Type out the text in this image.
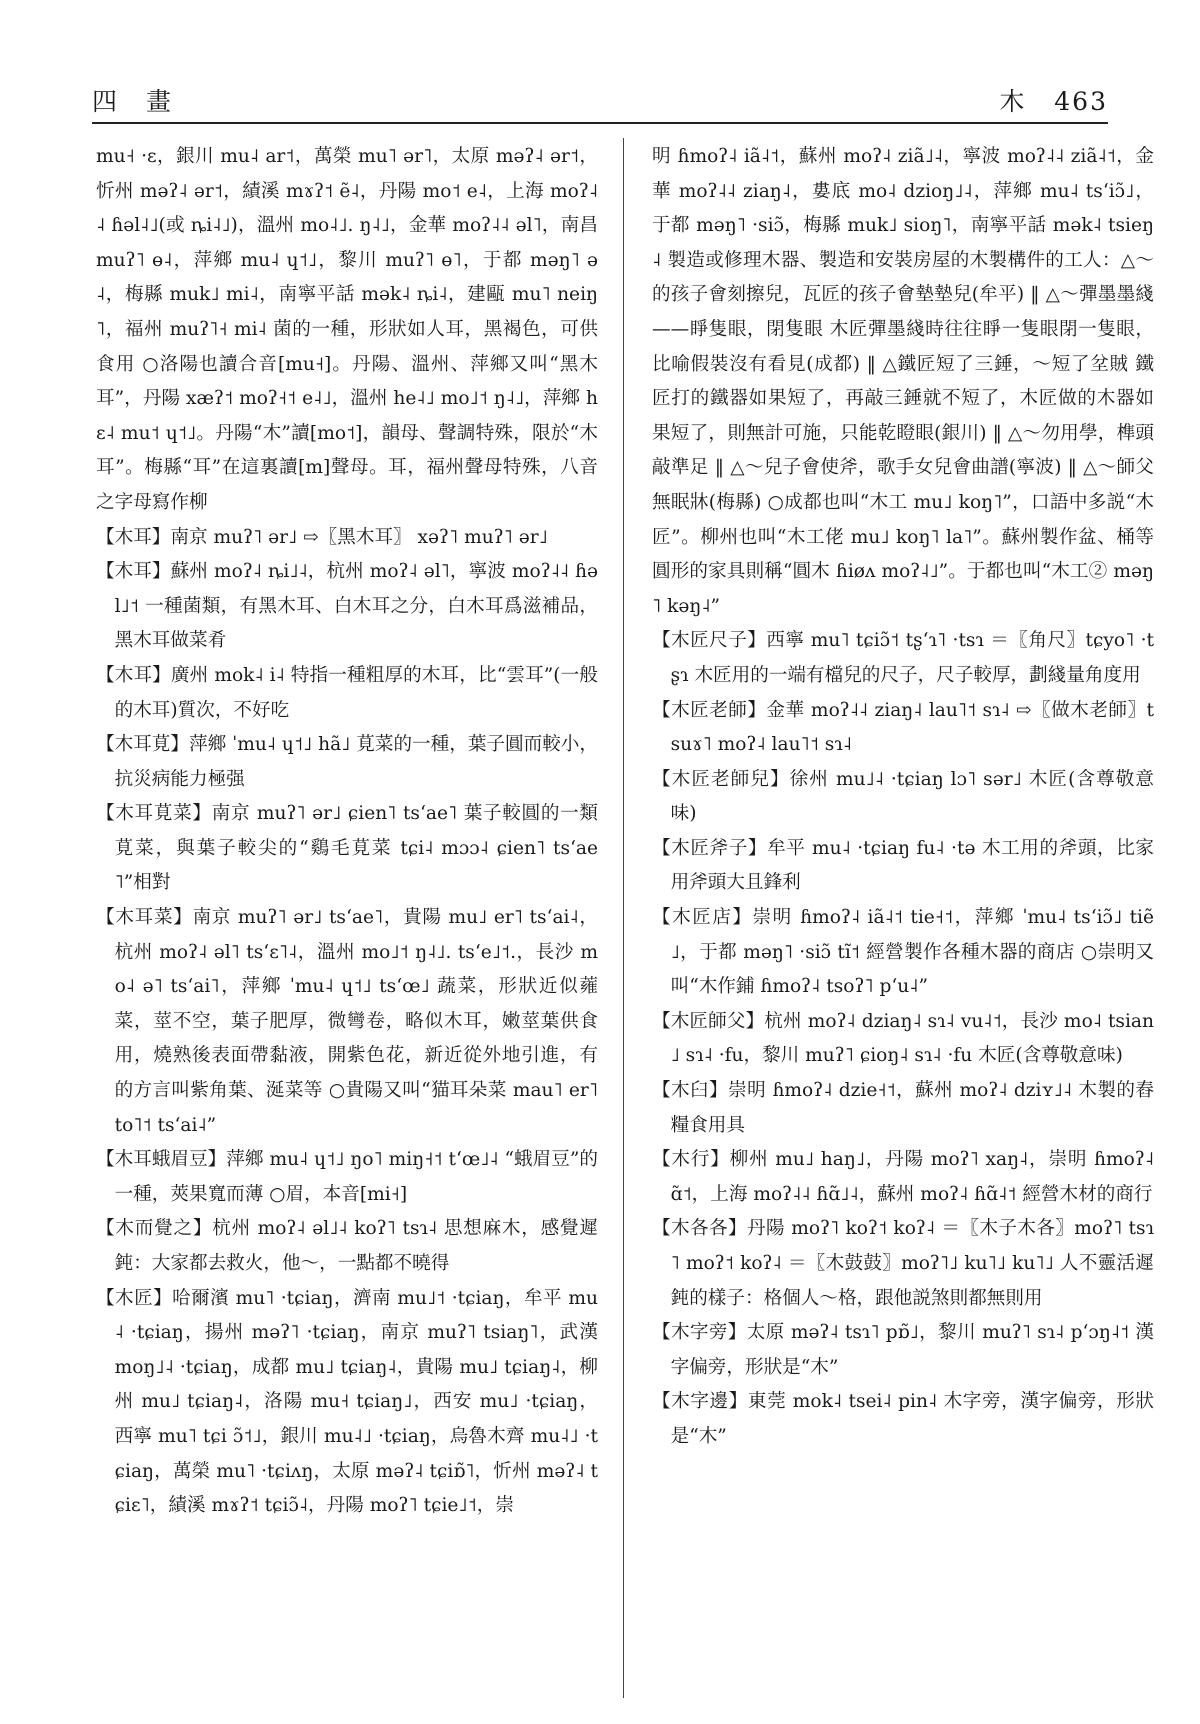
四　畫	木 463

mu˧ ·ɛ，銀川 mu˨ ar˦，萬榮 mu˥ ər˥，太原 məʔ˨ ər˦，忻州 məʔ˨ ər˦，績溪 mɤʔ˦ ẽ˨，丹陽 mo˦ e˨，上海 moʔ˨˨ ɦəl˨˩(或 ȵi˨˩)，溫州 mo˨˩. ŋ˨˩，金華 moʔ˨˨ əl˥，南昌 muʔ˥ ɵ˨，萍鄉 mu˨ ɥ˦˩，黎川 muʔ˥ ɵ˥，于都 məŋ˥ ə˨，梅縣 muk˩ mi˨，南寧平話 mək˨ ȵi˨，建甌 mu˥ neiŋ˥，福州 muʔ˥˧ mi˨ 菌的一種，形狀如人耳，黑褐色，可供食用 ○洛陽也讀合音[mu˧]。丹陽、溫州、萍鄉又叫“黑木耳”，丹陽 xæʔ˦ moʔ˧˦ e˨˩，溫州 he˨˩ mo˩˦ ŋ˨˩，萍鄉 hɛ˨ mu˦ ɥ˦˩。丹陽“木”讀[mo˦]，韻母、聲調特殊，限於“木耳”。梅縣“耳”在這裏讀[m]聲母。耳，福州聲母特殊，八音之字母寫作柳

【木耳】南京 muʔ˥ ər˩ ⇨〖黑木耳〗 xəʔ˥ muʔ˥ ər˩

【木耳】蘇州 moʔ˨ ȵi˩˨，杭州 moʔ˨ əl˥，寧波 moʔ˨˨ ɦəl˩˦ 一種菌類，有黑木耳、白木耳之分，白木耳爲滋補品，黑木耳做菜肴

【木耳】廣州 mok˨ i˨ 特指一種粗厚的木耳，比“雲耳”(一般的木耳)質次，不好吃

【木耳莧】萍鄉 ˈmu˨ ɥ˦˩ hã˩ 莧菜的一種，葉子圓而較小，抗災病能力極强

【木耳莧菜】南京 muʔ˥ ər˩ ɕien˥ tsʻae˥ 葉子較圓的一類莧菜，與葉子較尖的“鷄毛莧菜 tɕi˨ mɔɔ˨ ɕien˥ tsʻae˥”相對

【木耳菜】南京 muʔ˥ ər˩ tsʻae˥，貴陽 mu˩ er˥ tsʻai˨，杭州 moʔ˨ əl˥ tsʻɛ˥˨，溫州 mo˩˦ ŋ˨˩. tsʻe˩˦.，長沙 mo˨ ə˥ tsʻai˥，萍鄉 ˈmu˨ ɥ˦˩ tsʻœ˩ 蔬菜，形狀近似蕹菜，莖不空，葉子肥厚，微彎卷，略似木耳，嫩莖葉供食用，燒熟後表面帶黏液，開紫色花，新近從外地引進，有的方言叫紫角葉、涎菜等 ○貴陽又叫“猫耳朵菜 mau˥ er˥ to˥˦ tsʻai˨”

【木耳蛾眉豆】萍鄉 mu˨ ɥ˦˩ ŋo˥ miŋ˧˦ tʻœ˩˨ “蛾眉豆”的一種，莢果寬而薄 ○眉，本音[mi˧]

【木而覺之】杭州 moʔ˨ əl˩˨ koʔ˥ tsɿ˨ 思想麻木，感覺遲鈍：大家都去救火，他～，一點都不曉得

【木匠】哈爾濱 mu˥ ·tɕiaŋ，濟南 mu˩˦ ·tɕiaŋ，牟平 mu˨ ·tɕiaŋ，揚州 məʔ˥ ·tɕiaŋ，南京 muʔ˥ tsiaŋ˥，武漢 moŋ˩˨ ·tɕiaŋ，成都 mu˩ tɕiaŋ˨，貴陽 mu˩ tɕiaŋ˨，柳州 mu˩ tɕiaŋ˨，洛陽 mu˧ tɕiaŋ˩，西安 mu˩ ·tɕiaŋ，西寧 mu˥ tɕi ɔ̃˦˩，銀川 mu˨˩ ·tɕiaŋ，烏魯木齊 mu˨˩ ·tɕiaŋ，萬榮 mu˥ ·tɕiʌŋ，太原 məʔ˨ tɕiɒ̃˥，忻州 məʔ˨ tɕiɛ˥，績溪 mɤʔ˦ tɕiɔ̃˨，丹陽 moʔ˥ tɕie˩˦，崇

明 ɦmoʔ˨ iã˨˦，蘇州 moʔ˨ ziã˩˨，寧波 moʔ˨˨ ziã˨˦，金華 moʔ˨˨ ziaŋ˨，婁底 mo˨ dzioŋ˩˨，萍鄉 mu˨ tsʻiɔ̃˩，于都 məŋ˥ ·siɔ̃，梅縣 muk˩ sioŋ˥，南寧平話 mək˨ tsieŋ˨ 製造或修理木器、製造和安裝房屋的木製構件的工人：△～的孩子會刻擦兒，瓦匠的孩子會墊墊兒(牟平) ‖ △～彈墨墨綫——睜隻眼，閉隻眼 木匠彈墨綫時往往睜一隻眼閉一隻眼，比喻假裝沒有看見(成都) ‖ △鐵匠短了三錘，～短了坌賊 鐵匠打的鐵器如果短了，再敲三錘就不短了，木匠做的木器如果短了，則無計可施，只能乾瞪眼(銀川) ‖ △～勿用學，榫頭敲準足 ‖ △～兒子會使斧，歌手女兒會曲譜(寧波) ‖ △～師父無眠牀(梅縣) ○成都也叫“木工 mu˩ koŋ˥”，口語中多説“木匠”。柳州也叫“木工佬 mu˩ koŋ˥ la˥”。蘇州製作盆、桶等圓形的家具則稱“圓木 ɦiøʌ moʔ˨˩”。于都也叫“木工② məŋ˥ kəŋ˨”

【木匠尺子】西寧 mu˥ tɕiɔ̃˦ tʂʻɿ˥ ·tsɿ ＝〖角尺〗tɕyo˥ ·tʂɿ 木匠用的一端有檔兒的尺子，尺子較厚，劃綫量角度用

【木匠老師】金華 moʔ˨˨ ziaŋ˨ lau˥˦ sɿ˨ ⇨〖做木老師〗tsuɤ˥ moʔ˨ lau˥˦ sɿ˨

【木匠老師兒】徐州 mu˩˨ ·tɕiaŋ lɔ˥ sər˩ 木匠(含尊敬意味)

【木匠斧子】牟平 mu˨ ·tɕiaŋ fu˨ ·tə 木工用的斧頭，比家用斧頭大且鋒利

【木匠店】崇明 ɦmoʔ˨ iã˨˦ tie˧˦，萍鄉 ˈmu˨ tsʻiɔ̃˩ tiẽ˩，于都 məŋ˥ ·siɔ̃ tĩ˦ 經營製作各種木器的商店 ○崇明又叫“木作鋪 ɦmoʔ˨ tsoʔ˥ pʻu˨”

【木匠師父】杭州 moʔ˨ dziaŋ˨ sɿ˨ vu˨˦，長沙 mo˨ tsian˩ sɿ˨ ·fu，黎川 muʔ˥ ɕioŋ˨ sɿ˨ ·fu 木匠(含尊敬意味)

【木臼】崇明 ɦmoʔ˨ dzie˧˦，蘇州 moʔ˨ dziʏ˩˨ 木製的舂糧食用具

【木行】柳州 mu˩ haŋ˩，丹陽 moʔ˥ xaŋ˨，崇明 ɦmoʔ˨ ɑ̃˦，上海 moʔ˨˨ ɦɑ̃˩˨，蘇州 moʔ˨ ɦɑ̃˨˦ 經營木材的商行

【木各各】丹陽 moʔ˥ koʔ˦ koʔ˨ ＝〖木子木各〗moʔ˥ tsɿ˥ moʔ˦ koʔ˨ ＝〖木鼓鼓〗moʔ˥˩ ku˥˩ ku˥˩ 人不靈活遲鈍的樣子：格個人～格，跟他説煞則都無則用

【木字旁】太原 məʔ˨ tsɿ˥ pɒ̃˩，黎川 muʔ˥ sɿ˨ pʻɔŋ˨˦ 漢字偏旁，形狀是“木”

【木字邊】東莞 mok˨ tsei˨ pin˨ 木字旁，漢字偏旁，形狀是“木”
